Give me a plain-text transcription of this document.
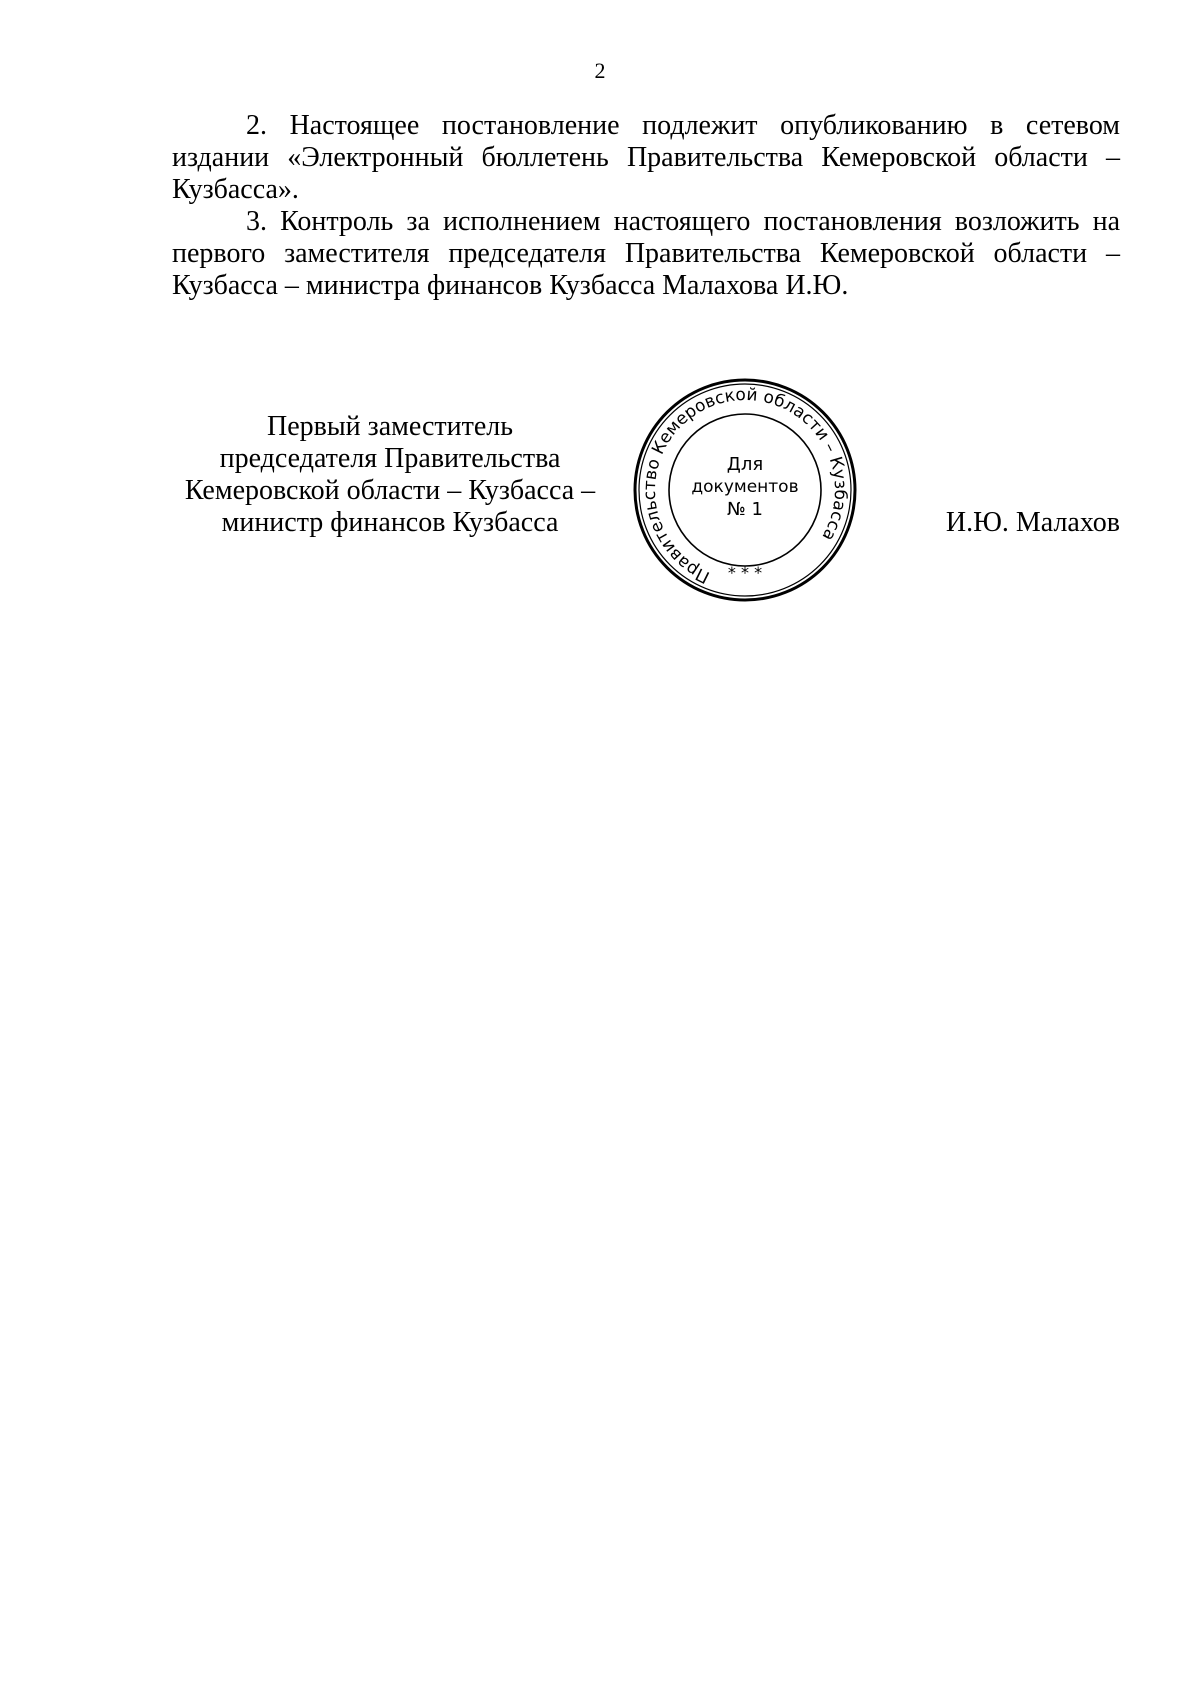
2

2. Настоящее постановление подлежит опубликованию в сетевом издании «Электронный бюллетень Правительства Кемеровской области – Кузбасса».

3. Контроль за исполнением настоящего постановления возложить на первого заместителя председателя Правительства Кемеровской области – Кузбасса – министра финансов Кузбасса Малахова И.Ю.

Первый заместитель
председателя Правительства
Кемеровской области – Кузбасса –
министр финансов Кузбасса
Правительство Кемеровской области – Кузбасса
* * *
Для
документов
№ 1	И.Ю. Малахов
